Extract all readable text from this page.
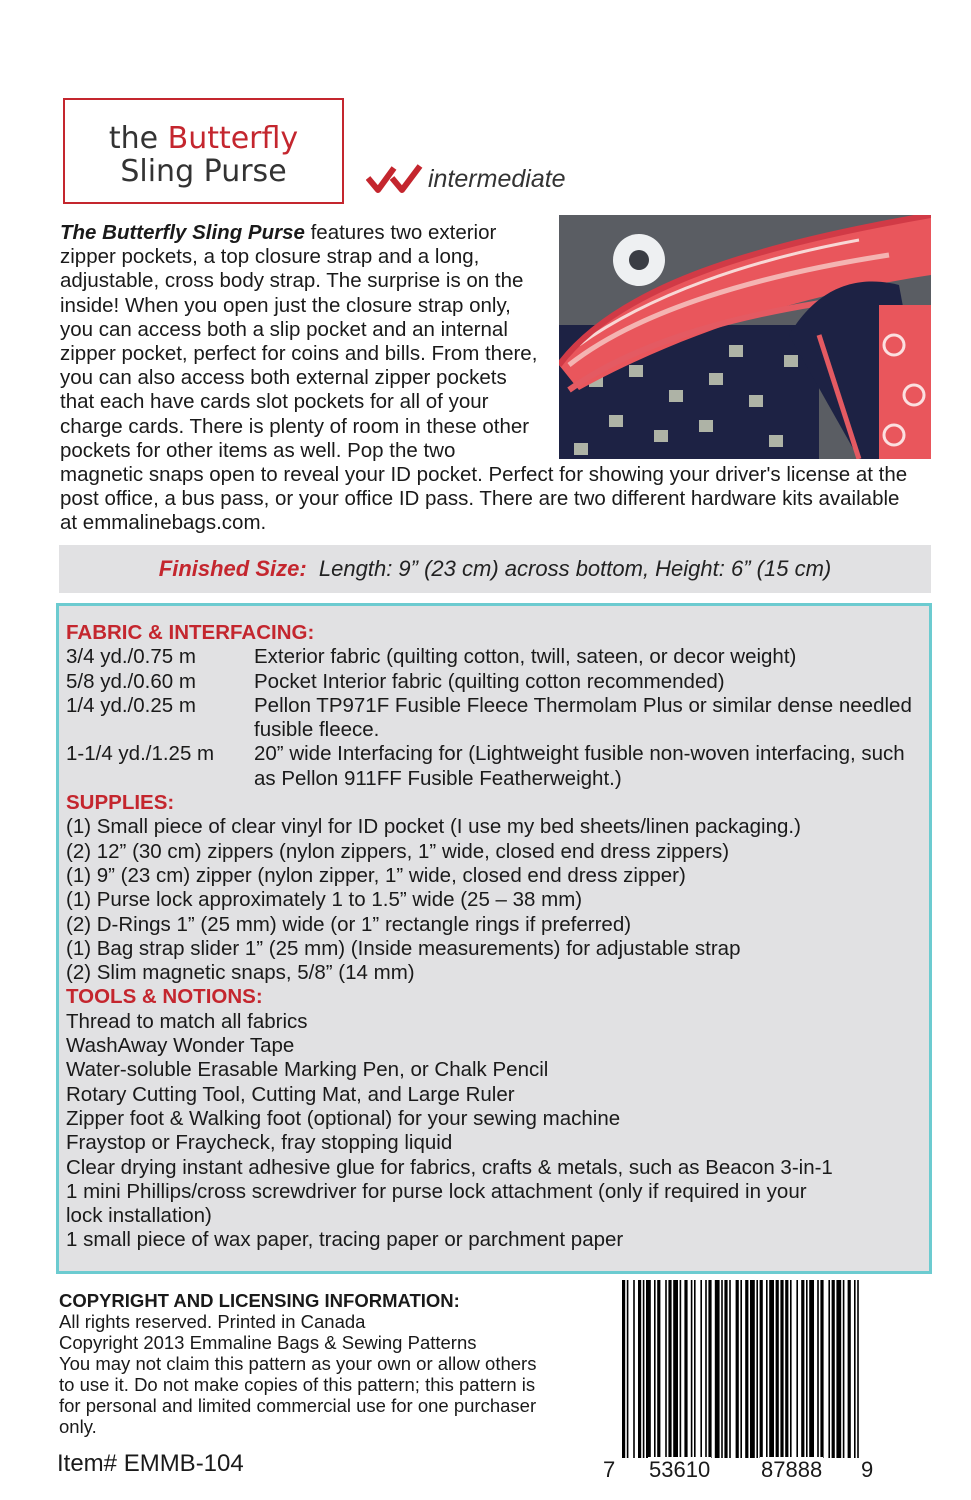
the Butterfly
Sling Purse	intermediate
The Butterfly Sling Purse features two exterior zipper pockets, a top closure strap and a long, adjustable, cross body strap. The surprise is on the inside! When you open just the closure strap only, you can access both a slip pocket and an internal zipper pocket, perfect for coins and bills. From there, you can also access both external zipper pockets that each have cards slot pockets for all of your charge cards. There is plenty of room in these other pockets for other items as well. Pop the two magnetic snaps open to reveal your ID pocket. Perfect for showing your driver's license at the post office, a bus pass, or your office ID pass. There are two different hardware kits available at emmalinebags.com.
Finished Size: Length: 9” (23 cm) across bottom, Height: 6” (15 cm)
FABRIC & INTERFACING:
3/4 yd./0.75 m	Exterior fabric (quilting cotton, twill, sateen, or decor weight)
5/8 yd./0.60 m	Pocket Interior fabric (quilting cotton recommended)
1/4 yd./0.25 m	Pellon TP971F Fusible Fleece Thermolam Plus or similar dense needled fusible fleece.
1-1/4 yd./1.25 m	20” wide Interfacing for (Lightweight fusible non-woven interfacing, such as Pellon 911FF Fusible Featherweight.)
SUPPLIES:
(1) Small piece of clear vinyl for ID pocket (I use my bed sheets/linen packaging.)
(2) 12” (30 cm) zippers (nylon zippers, 1” wide, closed end dress zippers)
(1) 9” (23 cm) zipper (nylon zipper, 1” wide, closed end dress zipper)
(1) Purse lock approximately 1 to 1.5” wide (25 – 38 mm)
(2) D-Rings 1” (25 mm) wide (or 1” rectangle rings if preferred)
(1) Bag strap slider 1” (25 mm) (Inside measurements) for adjustable strap
(2) Slim magnetic snaps, 5/8” (14 mm)
TOOLS & NOTIONS:
Thread to match all fabrics
WashAway Wonder Tape
Water-soluble Erasable Marking Pen, or Chalk Pencil
Rotary Cutting Tool, Cutting Mat, and Large Ruler
Zipper foot & Walking foot (optional) for your sewing machine
Fraystop or Fraycheck, fray stopping liquid
Clear drying instant adhesive glue for fabrics, crafts & metals, such as Beacon 3-in-1
1 mini Phillips/cross screwdriver for purse lock attachment (only if required in your lock installation)
1 small piece of wax paper, tracing paper or parchment paper
COPYRIGHT AND LICENSING INFORMATION:
All rights reserved. Printed in Canada
Copyright 2013 Emmaline Bags & Sewing Patterns
You may not claim this pattern as your own or allow others to use it. Do not make copies of this pattern; this pattern is for personal and limited commercial use for one purchaser only.
Item# EMMB-104	7 53610 87888 9
